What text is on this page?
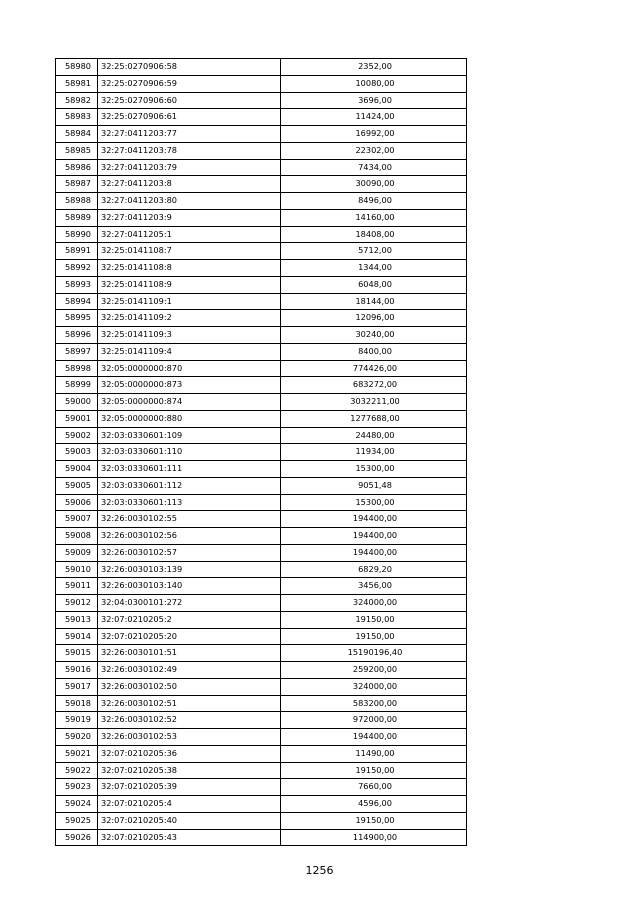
58980	32:25:0270906:58	2352,00
58981	32:25:0270906:59	10080,00
58982	32:25:0270906:60	3696,00
58983	32:25:0270906:61	11424,00
58984	32:27:0411203:77	16992,00
58985	32:27:0411203:78	22302,00
58986	32:27:0411203:79	7434,00
58987	32:27:0411203:8	30090,00
58988	32:27:0411203:80	8496,00
58989	32:27:0411203:9	14160,00
58990	32:27:0411205:1	18408,00
58991	32:25:0141108:7	5712,00
58992	32:25:0141108:8	1344,00
58993	32:25:0141108:9	6048,00
58994	32:25:0141109:1	18144,00
58995	32:25:0141109:2	12096,00
58996	32:25:0141109:3	30240,00
58997	32:25:0141109:4	8400,00
58998	32:05:0000000:870	774426,00
58999	32:05:0000000:873	683272,00
59000	32:05:0000000:874	3032211,00
59001	32:05:0000000:880	1277688,00
59002	32:03:0330601:109	24480,00
59003	32:03:0330601:110	11934,00
59004	32:03:0330601:111	15300,00
59005	32:03:0330601:112	9051,48
59006	32:03:0330601:113	15300,00
59007	32:26:0030102:55	194400,00
59008	32:26:0030102:56	194400,00
59009	32:26:0030102:57	194400,00
59010	32:26:0030103:139	6829,20
59011	32:26:0030103:140	3456,00
59012	32:04:0300101:272	324000,00
59013	32:07:0210205:2	19150,00
59014	32:07:0210205:20	19150,00
59015	32:26:0030101:51	15190196,40
59016	32:26:0030102:49	259200,00
59017	32:26:0030102:50	324000,00
59018	32:26:0030102:51	583200,00
59019	32:26:0030102:52	972000,00
59020	32:26:0030102:53	194400,00
59021	32:07:0210205:36	11490,00
59022	32:07:0210205:38	19150,00
59023	32:07:0210205:39	7660,00
59024	32:07:0210205:4	4596,00
59025	32:07:0210205:40	19150,00
59026	32:07:0210205:43	114900,00
1256
